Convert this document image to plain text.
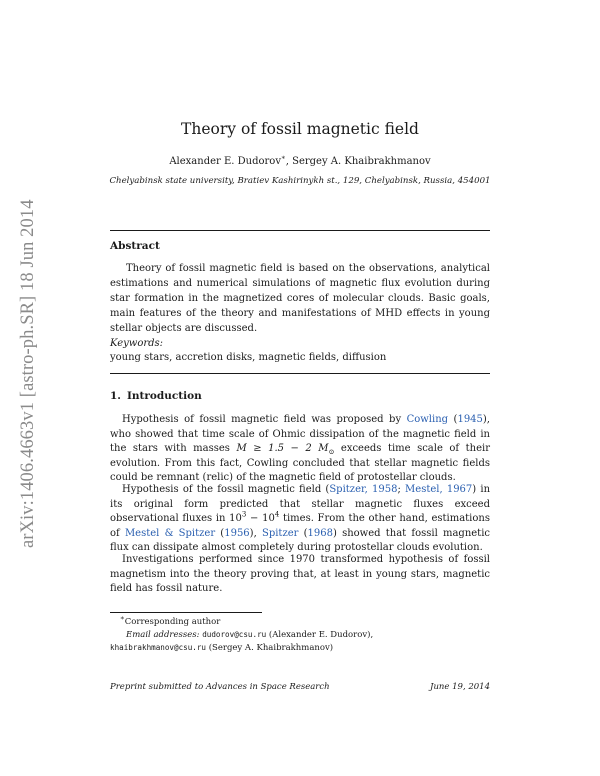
arXiv:1406.4663v1 [astro-ph.SR] 18 Jun 2014
Theory of fossil magnetic field
Alexander E. Dudorov∗, Sergey A. Khaibrakhmanov
Chelyabinsk state university, Bratiev Kashirinykh st., 129, Chelyabinsk, Russia, 454001
Abstract
Theory of fossil magnetic field is based on the observations, analytical estimations and numerical simulations of magnetic flux evolution during star formation in the magnetized cores of molecular clouds. Basic goals, main features of the theory and manifestations of MHD effects in young stellar objects are discussed.
Keywords:
young stars, accretion disks, magnetic fields, diffusion
1. Introduction
Hypothesis of fossil magnetic field was proposed by Cowling (1945), who showed that time scale of Ohmic dissipation of the magnetic field in the stars with masses M ≥ 1.5 − 2 $M_⊙$ exceeds time scale of their evolution. From this fact, Cowling concluded that stellar magnetic fields could be remnant (relic) of the magnetic field of protostellar clouds.
Hypothesis of the fossil magnetic field (Spitzer, 1958; Mestel, 1967) in its original form predicted that stellar magnetic fluxes exceed observational fluxes in $10^3 - 10^4$ times. From the other hand, estimations of Mestel & Spitzer (1956), Spitzer (1968) showed that fossil magnetic flux can dissipate almost completely during protostellar clouds evolution.
Investigations performed since 1970 transformed hypothesis of fossil magnetism into the theory proving that, at least in young stars, magnetic field has fossil nature.
∗Corresponding author
Email addresses: dudorov@csu.ru (Alexander E. Dudorov),
khaibrakhmanov@csu.ru (Sergey A. Khaibrakhmanov)
Preprint submitted to Advances in Space Research	June 19, 2014
